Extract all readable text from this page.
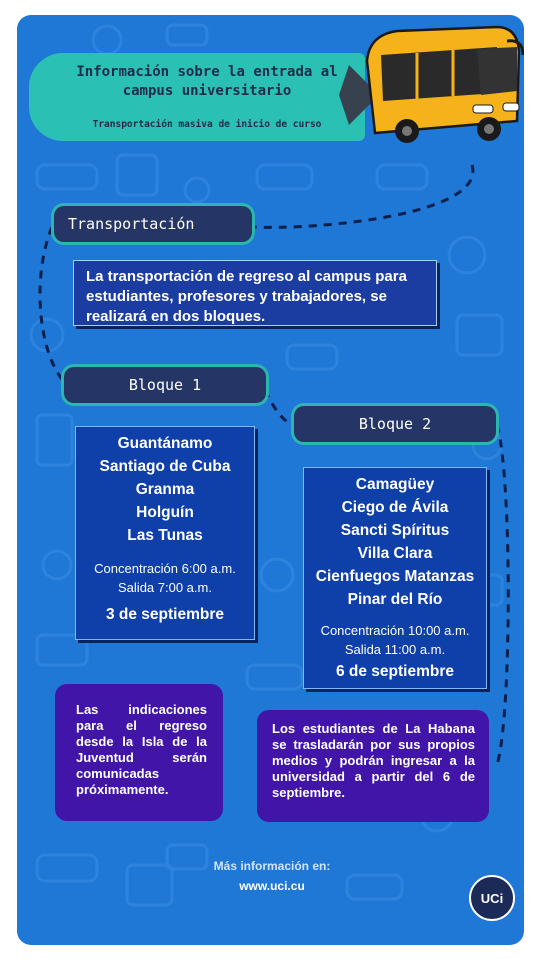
Información sobre la entrada al campus universitario
Transportación masiva de inicio de curso
Transportación
La transportación de regreso al campus para estudiantes, profesores y trabajadores, se realizará en dos bloques.
Bloque 1
Guantánamo
Santiago de Cuba
Granma
Holguín
Las Tunas
Concentración 6:00 a.m.
Salida 7:00 a.m.
3 de septiembre
Bloque 2
Camagüey
Ciego de Ávila
Sancti Spíritus
Villa Clara
Cienfuegos Matanzas
Pinar del Río
Concentración 10:00 a.m.
Salida 11:00 a.m.
6 de septiembre
Las indicaciones para el regreso desde la Isla de la Juventud serán comunicadas próximamente.
Los estudiantes de La Habana se trasladarán por sus propios medios y podrán ingresar a la universidad a partir del 6 de septiembre.
Más información en:
www.uci.cu
UCi
